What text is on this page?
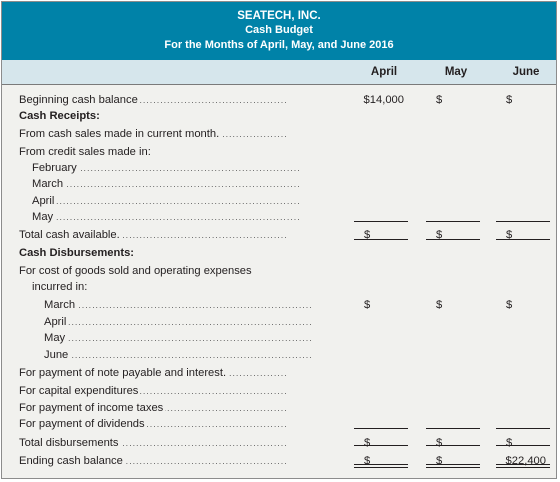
SEATECH, INC.
Cash Budget
For the Months of April, May, and June 2016
April	May	June
Beginning cash balance . . .	$14,000	$	$
Cash Receipts:
From cash sales made in current month. . . .
From credit sales made in:
February . . .
March . . .
April . . .
May . . .
Total cash available. . . .	$	$	$
Cash Disbursements:
For cost of goods sold and operating expenses
incurred in:
March . . .	$	$	$
April . . .
May . . .
June . . .
For payment of note payable and interest. . . .
For capital expenditures . . .
For payment of income taxes . . .
For payment of dividends . . .
Total disbursements . . .	$	$	$
Ending cash balance . . .	$	$	$22,400
